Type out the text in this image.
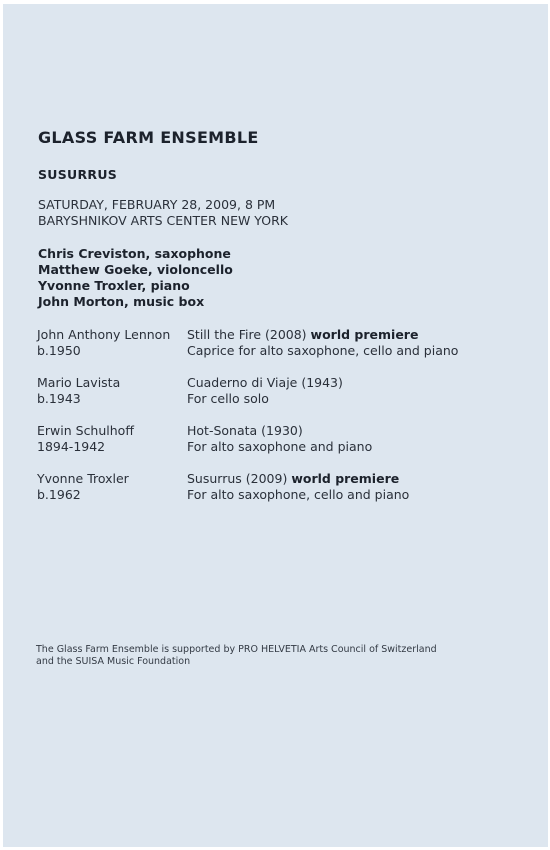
GLASS FARM ENSEMBLE
SUSURRUS
SATURDAY, FEBRUARY 28, 2009, 8 PM
BARYSHNIKOV ARTS CENTER NEW YORK
Chris Creviston, saxophone
Matthew Goeke, violoncello
Yvonne Troxler, piano
John Morton, music box
John Anthony Lennon
b.1950
Still the Fire (2008) world premiere
Caprice for alto saxophone, cello and piano
Mario Lavista
b.1943
Cuaderno di Viaje (1943)
For cello solo
Erwin Schulhoff
1894-1942
Hot-Sonata (1930)
For alto saxophone and piano
Yvonne Troxler
b.1962
Susurrus (2009) world premiere
For alto saxophone, cello and piano
The Glass Farm Ensemble is supported by PRO HELVETIA Arts Council of Switzerland
and the SUISA Music Foundation
